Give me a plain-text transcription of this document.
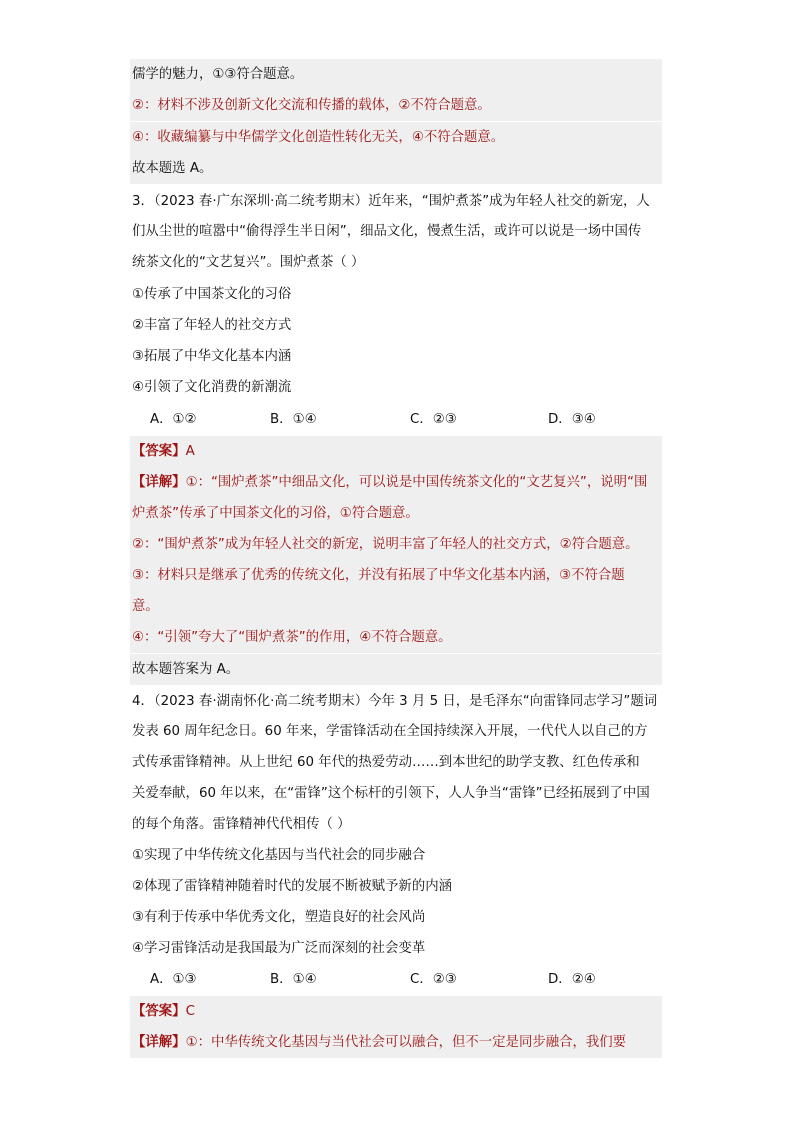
儒学的魅力，①③符合题意。
②：材料不涉及创新文化交流和传播的载体，②不符合题意。
④：收藏编纂与中华儒学文化创造性转化无关，④不符合题意。
故本题选 A。
3．（2023 春·广东深圳·高二统考期末）近年来，“围炉煮茶”成为年轻人社交的新宠，人
们从尘世的喧嚣中“偷得浮生半日闲”，细品文化，慢煮生活，或许可以说是一场中国传
统茶文化的“文艺复兴”。围炉煮茶（ ）
①传承了中国茶文化的习俗
②丰富了年轻人的社交方式
③拓展了中华文化基本内涵
④引领了文化消费的新潮流
A．①②	B．①④	C．②③	D．③④
【答案】A
【详解】①：“围炉煮茶”中细品文化，可以说是中国传统茶文化的“文艺复兴”，说明“围
炉煮茶”传承了中国茶文化的习俗，①符合题意。
②：“围炉煮茶”成为年轻人社交的新宠，说明丰富了年轻人的社交方式，②符合题意。
③：材料只是继承了优秀的传统文化，并没有拓展了中华文化基本内涵，③不符合题
意。
④：“引领”夸大了“围炉煮茶”的作用，④不符合题意。
故本题答案为 A。
4．（2023 春·湖南怀化·高二统考期末）今年 3 月 5 日，是毛泽东“向雷锋同志学习”题词
发表 60 周年纪念日。60 年来，学雷锋活动在全国持续深入开展，一代代人以自己的方
式传承雷锋精神。从上世纪 60 年代的热爱劳动……到本世纪的助学支教、红色传承和
关爱奉献，60 年以来，在“雷锋”这个标杆的引领下，人人争当“雷锋”已经拓展到了中国
的每个角落。雷锋精神代代相传（ ）
①实现了中华传统文化基因与当代社会的同步融合
②体现了雷锋精神随着时代的发展不断被赋予新的内涵
③有利于传承中华优秀文化，塑造良好的社会风尚
④学习雷锋活动是我国最为广泛而深刻的社会变革
A．①③	B．①④	C．②③	D．②④
【答案】C
【详解】①：中华传统文化基因与当代社会可以融合，但不一定是同步融合，我们要
